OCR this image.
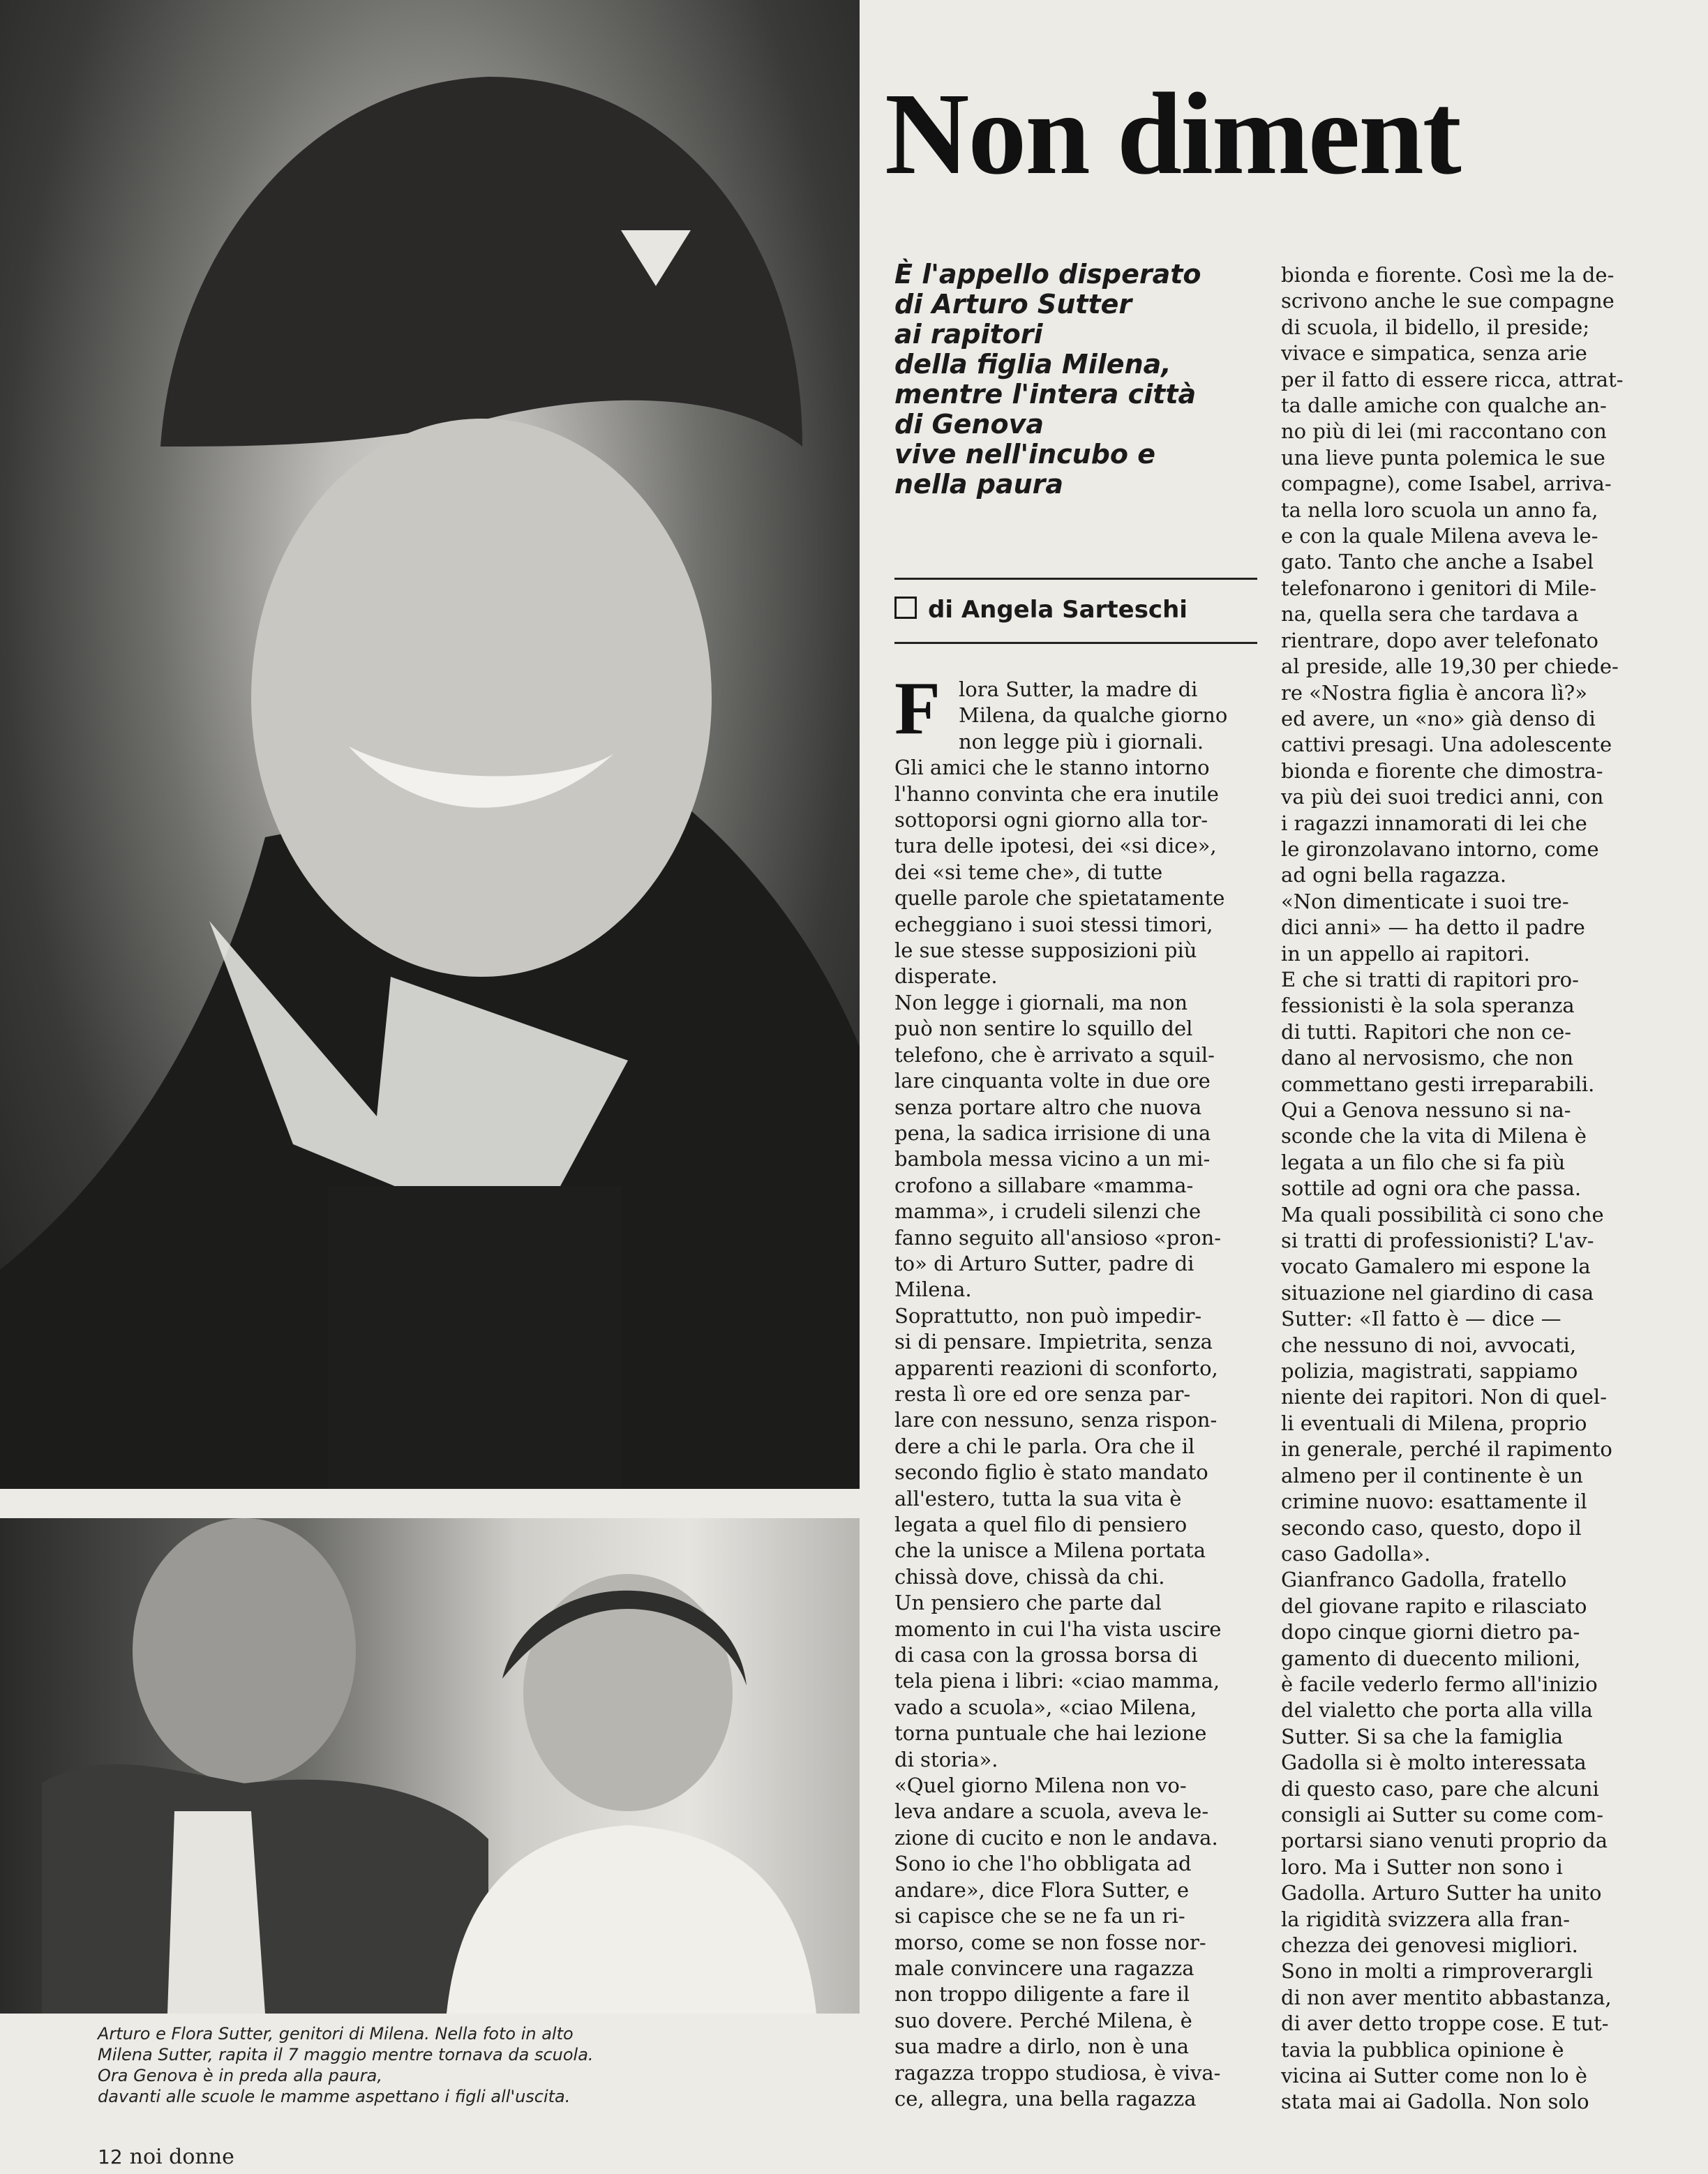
Arturo e Flora Sutter, genitori di Milena. Nella foto in alto
Milena Sutter, rapita il 7 maggio mentre tornava da scuola.
Ora Genova è in preda alla paura,
davanti alle scuole le mamme aspettano i figli all'uscita.
12 noi donne
Non diment
È l'appello disperato
di Arturo Sutter
ai rapitori
della figlia Milena,
mentre l'intera città
di Genova
vive nell'incubo e
nella paura
di Angela Sarteschi
F lora Sutter, la madre di
Milena, da qualche giorno
non legge più i giornali.
Gli amici che le stanno intorno
l'hanno convinta che era inutile
sottoporsi ogni giorno alla tor-
tura delle ipotesi, dei «si dice»,
dei «si teme che», di tutte
quelle parole che spietatamente
echeggiano i suoi stessi timori,
le sue stesse supposizioni più
disperate.
Non legge i giornali, ma non
può non sentire lo squillo del
telefono, che è arrivato a squil-
lare cinquanta volte in due ore
senza portare altro che nuova
pena, la sadica irrisione di una
bambola messa vicino a un mi-
crofono a sillabare «mamma-
mamma», i crudeli silenzi che
fanno seguito all'ansioso «pron-
to» di Arturo Sutter, padre di
Milena.
Soprattutto, non può impedir-
si di pensare. Impietrita, senza
apparenti reazioni di sconforto,
resta lì ore ed ore senza par-
lare con nessuno, senza rispon-
dere a chi le parla. Ora che il
secondo figlio è stato mandato
all'estero, tutta la sua vita è
legata a quel filo di pensiero
che la unisce a Milena portata
chissà dove, chissà da chi.
Un pensiero che parte dal
momento in cui l'ha vista uscire
di casa con la grossa borsa di
tela piena i libri: «ciao mamma,
vado a scuola», «ciao Milena,
torna puntuale che hai lezione
di storia».
«Quel giorno Milena non vo-
leva andare a scuola, aveva le-
zione di cucito e non le andava.
Sono io che l'ho obbligata ad
andare», dice Flora Sutter, e
si capisce che se ne fa un ri-
morso, come se non fosse nor-
male convincere una ragazza
non troppo diligente a fare il
suo dovere. Perché Milena, è
sua madre a dirlo, non è una
ragazza troppo studiosa, è viva-
ce, allegra, una bella ragazza
bionda e fiorente. Così me la de-
scrivono anche le sue compagne
di scuola, il bidello, il preside;
vivace e simpatica, senza arie
per il fatto di essere ricca, attrat-
ta dalle amiche con qualche an-
no più di lei (mi raccontano con
una lieve punta polemica le sue
compagne), come Isabel, arriva-
ta nella loro scuola un anno fa,
e con la quale Milena aveva le-
gato. Tanto che anche a Isabel
telefonarono i genitori di Mile-
na, quella sera che tardava a
rientrare, dopo aver telefonato
al preside, alle 19,30 per chiede-
re «Nostra figlia è ancora lì?»
ed avere, un «no» già denso di
cattivi presagi. Una adolescente
bionda e fiorente che dimostra-
va più dei suoi tredici anni, con
i ragazzi innamorati di lei che
le gironzolavano intorno, come
ad ogni bella ragazza.
«Non dimenticate i suoi tre-
dici anni» — ha detto il padre
in un appello ai rapitori.
E che si tratti di rapitori pro-
fessionisti è la sola speranza
di tutti. Rapitori che non ce-
dano al nervosismo, che non
commettano gesti irreparabili.
Qui a Genova nessuno si na-
sconde che la vita di Milena è
legata a un filo che si fa più
sottile ad ogni ora che passa.
Ma quali possibilità ci sono che
si tratti di professionisti? L'av-
vocato Gamalero mi espone la
situazione nel giardino di casa
Sutter: «Il fatto è — dice —
che nessuno di noi, avvocati,
polizia, magistrati, sappiamo
niente dei rapitori. Non di quel-
li eventuali di Milena, proprio
in generale, perché il rapimento
almeno per il continente è un
crimine nuovo: esattamente il
secondo caso, questo, dopo il
caso Gadolla».
Gianfranco Gadolla, fratello
del giovane rapito e rilasciato
dopo cinque giorni dietro pa-
gamento di duecento milioni,
è facile vederlo fermo all'inizio
del vialetto che porta alla villa
Sutter. Si sa che la famiglia
Gadolla si è molto interessata
di questo caso, pare che alcuni
consigli ai Sutter su come com-
portarsi siano venuti proprio da
loro. Ma i Sutter non sono i
Gadolla. Arturo Sutter ha unito
la rigidità svizzera alla fran-
chezza dei genovesi migliori.
Sono in molti a rimproverargli
di non aver mentito abbastanza,
di aver detto troppe cose. E tut-
tavia la pubblica opinione è
vicina ai Sutter come non lo è
stata mai ai Gadolla. Non solo
